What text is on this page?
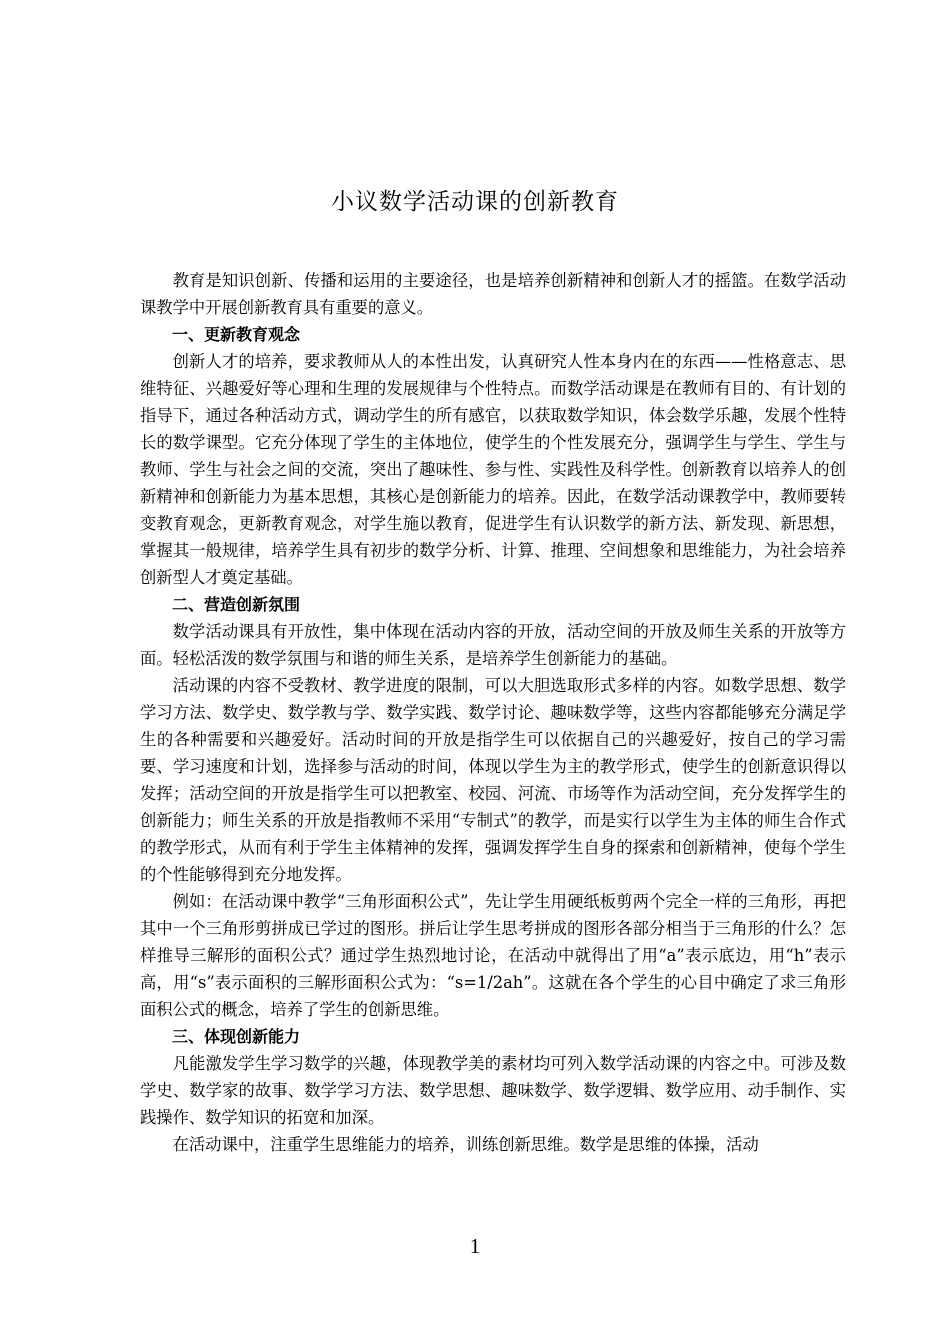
小议数学活动课的创新教育

教育是知识创新、传播和运用的主要途径，也是培养创新精神和创新人才的摇篮。在数学活动课教学中开展创新教育具有重要的意义。

一、更新教育观念

创新人才的培养，要求教师从人的本性出发，认真研究人性本身内在的东西——性格意志、思维特征、兴趣爱好等心理和生理的发展规律与个性特点。而数学活动课是在教师有目的、有计划的指导下，通过各种活动方式，调动学生的所有感官，以获取数学知识，体会数学乐趣，发展个性特长的数学课型。它充分体现了学生的主体地位，使学生的个性发展充分，强调学生与学生、学生与教师、学生与社会之间的交流，突出了趣味性、参与性、实践性及科学性。创新教育以培养人的创新精神和创新能力为基本思想，其核心是创新能力的培养。因此，在数学活动课教学中，教师要转变教育观念，更新教育观念，对学生施以教育，促进学生有认识数学的新方法、新发现、新思想，掌握其一般规律，培养学生具有初步的数学分析、计算、推理、空间想象和思维能力，为社会培养创新型人才奠定基础。

二、营造创新氛围

数学活动课具有开放性，集中体现在活动内容的开放，活动空间的开放及师生关系的开放等方面。轻松活泼的数学氛围与和谐的师生关系，是培养学生创新能力的基础。

活动课的内容不受教材、教学进度的限制，可以大胆选取形式多样的内容。如数学思想、数学学习方法、数学史、数学教与学、数学实践、数学讨论、趣味数学等，这些内容都能够充分满足学生的各种需要和兴趣爱好。活动时间的开放是指学生可以依据自己的兴趣爱好，按自己的学习需要、学习速度和计划，选择参与活动的时间，体现以学生为主的教学形式，使学生的创新意识得以发挥；活动空间的开放是指学生可以把教室、校园、河流、市场等作为活动空间，充分发挥学生的创新能力；师生关系的开放是指教师不采用“专制式”的教学，而是实行以学生为主体的师生合作式的教学形式，从而有利于学生主体精神的发挥，强调发挥学生自身的探索和创新精神，使每个学生的个性能够得到充分地发挥。

例如：在活动课中教学“三角形面积公式”，先让学生用硬纸板剪两个完全一样的三角形，再把其中一个三角形剪拼成已学过的图形。拼后让学生思考拼成的图形各部分相当于三角形的什么？怎样推导三解形的面积公式？通过学生热烈地讨论，在活动中就得出了用“a”表示底边，用“h”表示高，用“s”表示面积的三解形面积公式为：“s=1/2ah”。这就在各个学生的心目中确定了求三角形面积公式的概念，培养了学生的创新思维。

三、体现创新能力

凡能激发学生学习数学的兴趣，体现教学美的素材均可列入数学活动课的内容之中。可涉及数学史、数学家的故事、数学学习方法、数学思想、趣味数学、数学逻辑、数学应用、动手制作、实践操作、数学知识的拓宽和加深。

在活动课中，注重学生思维能力的培养，训练创新思维。数学是思维的体操，活动

1
